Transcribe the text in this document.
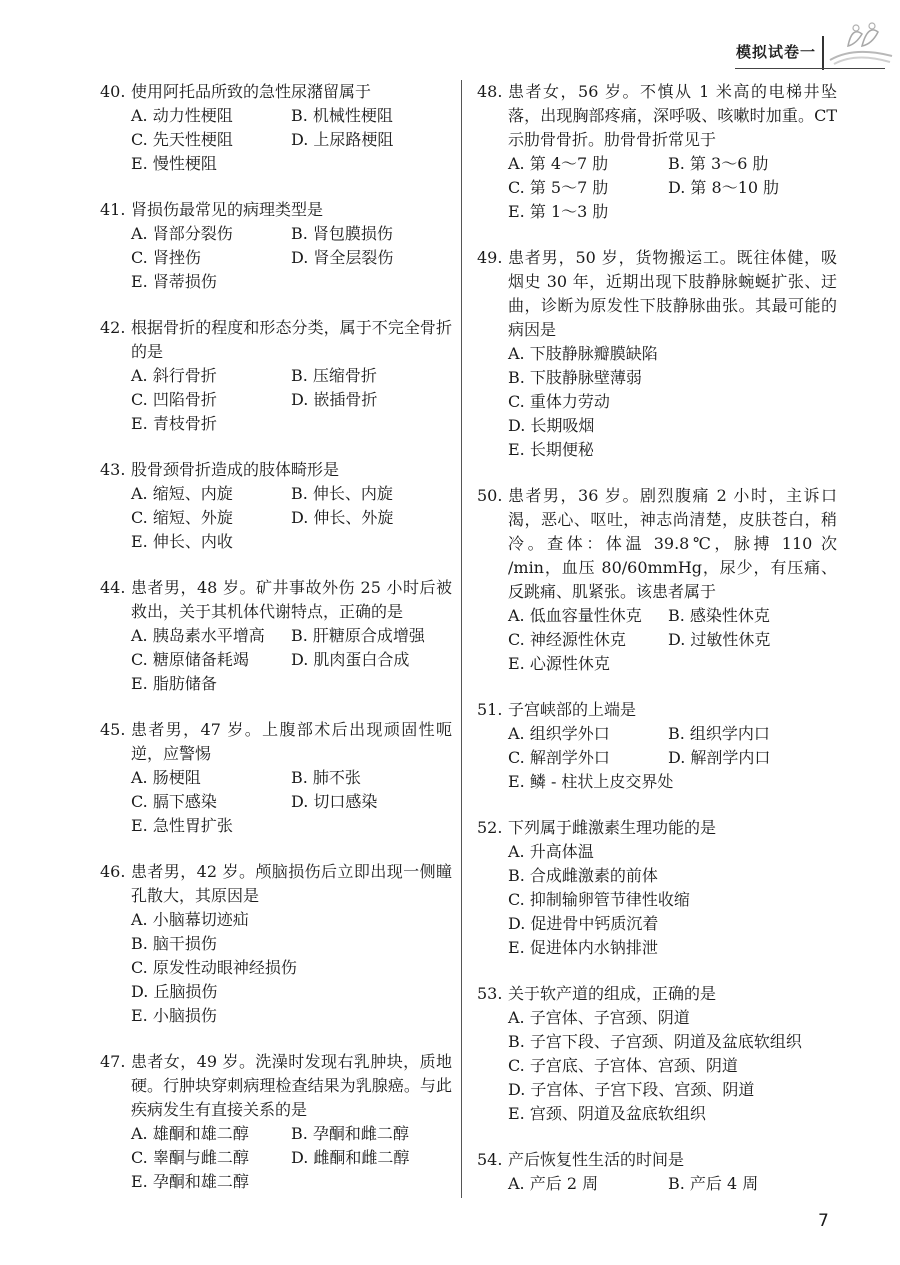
模拟试卷一
40. 使用阿托品所致的急性尿潴留属于
A. 动力性梗阻	B. 机械性梗阻
C. 先天性梗阻	D. 上尿路梗阻
E. 慢性梗阻
41. 肾损伤最常见的病理类型是
A. 肾部分裂伤	B. 肾包膜损伤
C. 肾挫伤	D. 肾全层裂伤
E. 肾蒂损伤
42. 根据骨折的程度和形态分类，属于不完全骨折的是
A. 斜行骨折	B. 压缩骨折
C. 凹陷骨折	D. 嵌插骨折
E. 青枝骨折
43. 股骨颈骨折造成的肢体畸形是
A. 缩短、内旋	B. 伸长、内旋
C. 缩短、外旋	D. 伸长、外旋
E. 伸长、内收
44. 患者男，48 岁。矿井事故外伤 25 小时后被救出，关于其机体代谢特点，正确的是
A. 胰岛素水平增高	B. 肝糖原合成增强
C. 糖原储备耗竭	D. 肌肉蛋白合成
E. 脂肪储备
45. 患者男，47 岁。上腹部术后出现顽固性呃逆，应警惕
A. 肠梗阻	B. 肺不张
C. 膈下感染	D. 切口感染
E. 急性胃扩张
46. 患者男，42 岁。颅脑损伤后立即出现一侧瞳孔散大，其原因是
A. 小脑幕切迹疝
B. 脑干损伤
C. 原发性动眼神经损伤
D. 丘脑损伤
E. 小脑损伤
47. 患者女，49 岁。洗澡时发现右乳肿块，质地硬。行肿块穿刺病理检查结果为乳腺癌。与此疾病发生有直接关系的是
A. 雄酮和雄二醇	B. 孕酮和雌二醇
C. 睾酮与雌二醇	D. 雌酮和雌二醇
E. 孕酮和雄二醇
48. 患者女，56 岁。不慎从 1 米高的电梯井坠落，出现胸部疼痛，深呼吸、咳嗽时加重。CT 示肋骨骨折。肋骨骨折常见于
A. 第 4～7 肋	B. 第 3～6 肋
C. 第 5～7 肋	D. 第 8～10 肋
E. 第 1～3 肋
49. 患者男，50 岁，货物搬运工。既往体健，吸烟史 30 年，近期出现下肢静脉蜿蜒扩张、迂曲，诊断为原发性下肢静脉曲张。其最可能的病因是
A. 下肢静脉瓣膜缺陷
B. 下肢静脉壁薄弱
C. 重体力劳动
D. 长期吸烟
E. 长期便秘
50. 患者男，36 岁。剧烈腹痛 2 小时，主诉口渴，恶心、呕吐，神志尚清楚，皮肤苍白，稍冷。查体：体温 39.8℃，脉搏 110 次 /min，血压 80/60mmHg，尿少，有压痛、反跳痛、肌紧张。该患者属于
A. 低血容量性休克	B. 感染性休克
C. 神经源性休克	D. 过敏性休克
E. 心源性休克
51. 子宫峡部的上端是
A. 组织学外口	B. 组织学内口
C. 解剖学外口	D. 解剖学内口
E. 鳞 - 柱状上皮交界处
52. 下列属于雌激素生理功能的是
A. 升高体温
B. 合成雌激素的前体
C. 抑制输卵管节律性收缩
D. 促进骨中钙质沉着
E. 促进体内水钠排泄
53. 关于软产道的组成，正确的是
A. 子宫体、子宫颈、阴道
B. 子宫下段、子宫颈、阴道及盆底软组织
C. 子宫底、子宫体、宫颈、阴道
D. 子宫体、子宫下段、宫颈、阴道
E. 宫颈、阴道及盆底软组织
54. 产后恢复性生活的时间是
A. 产后 2 周	B. 产后 4 周
7
